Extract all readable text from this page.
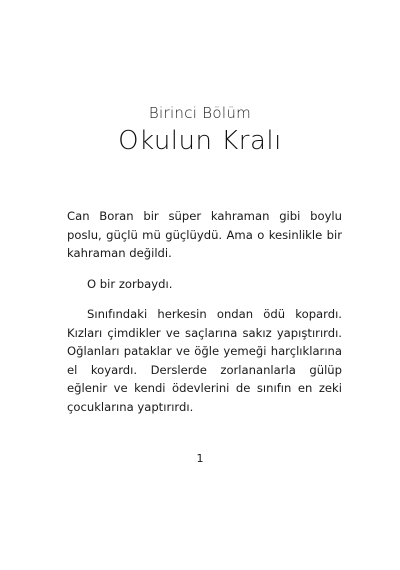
Birinci Bölüm
Okulun Kralı

Can Boran bir süper kahraman gibi boylu poslu, güçlü mü güçlüydü. Ama o kesinlikle bir kahraman değildi.

O bir zorbaydı.

Sınıfındaki herkesin ondan ödü kopardı. Kızları çimdikler ve saçlarına sakız yapıştırırdı. Oğlanları pataklar ve öğle yemeği harçlıklarına el koyardı. Derslerde zorlananlarla gülüp eğlenir ve kendi ödevlerini de sınıfın en zeki çocuklarına yaptırırdı.

1
